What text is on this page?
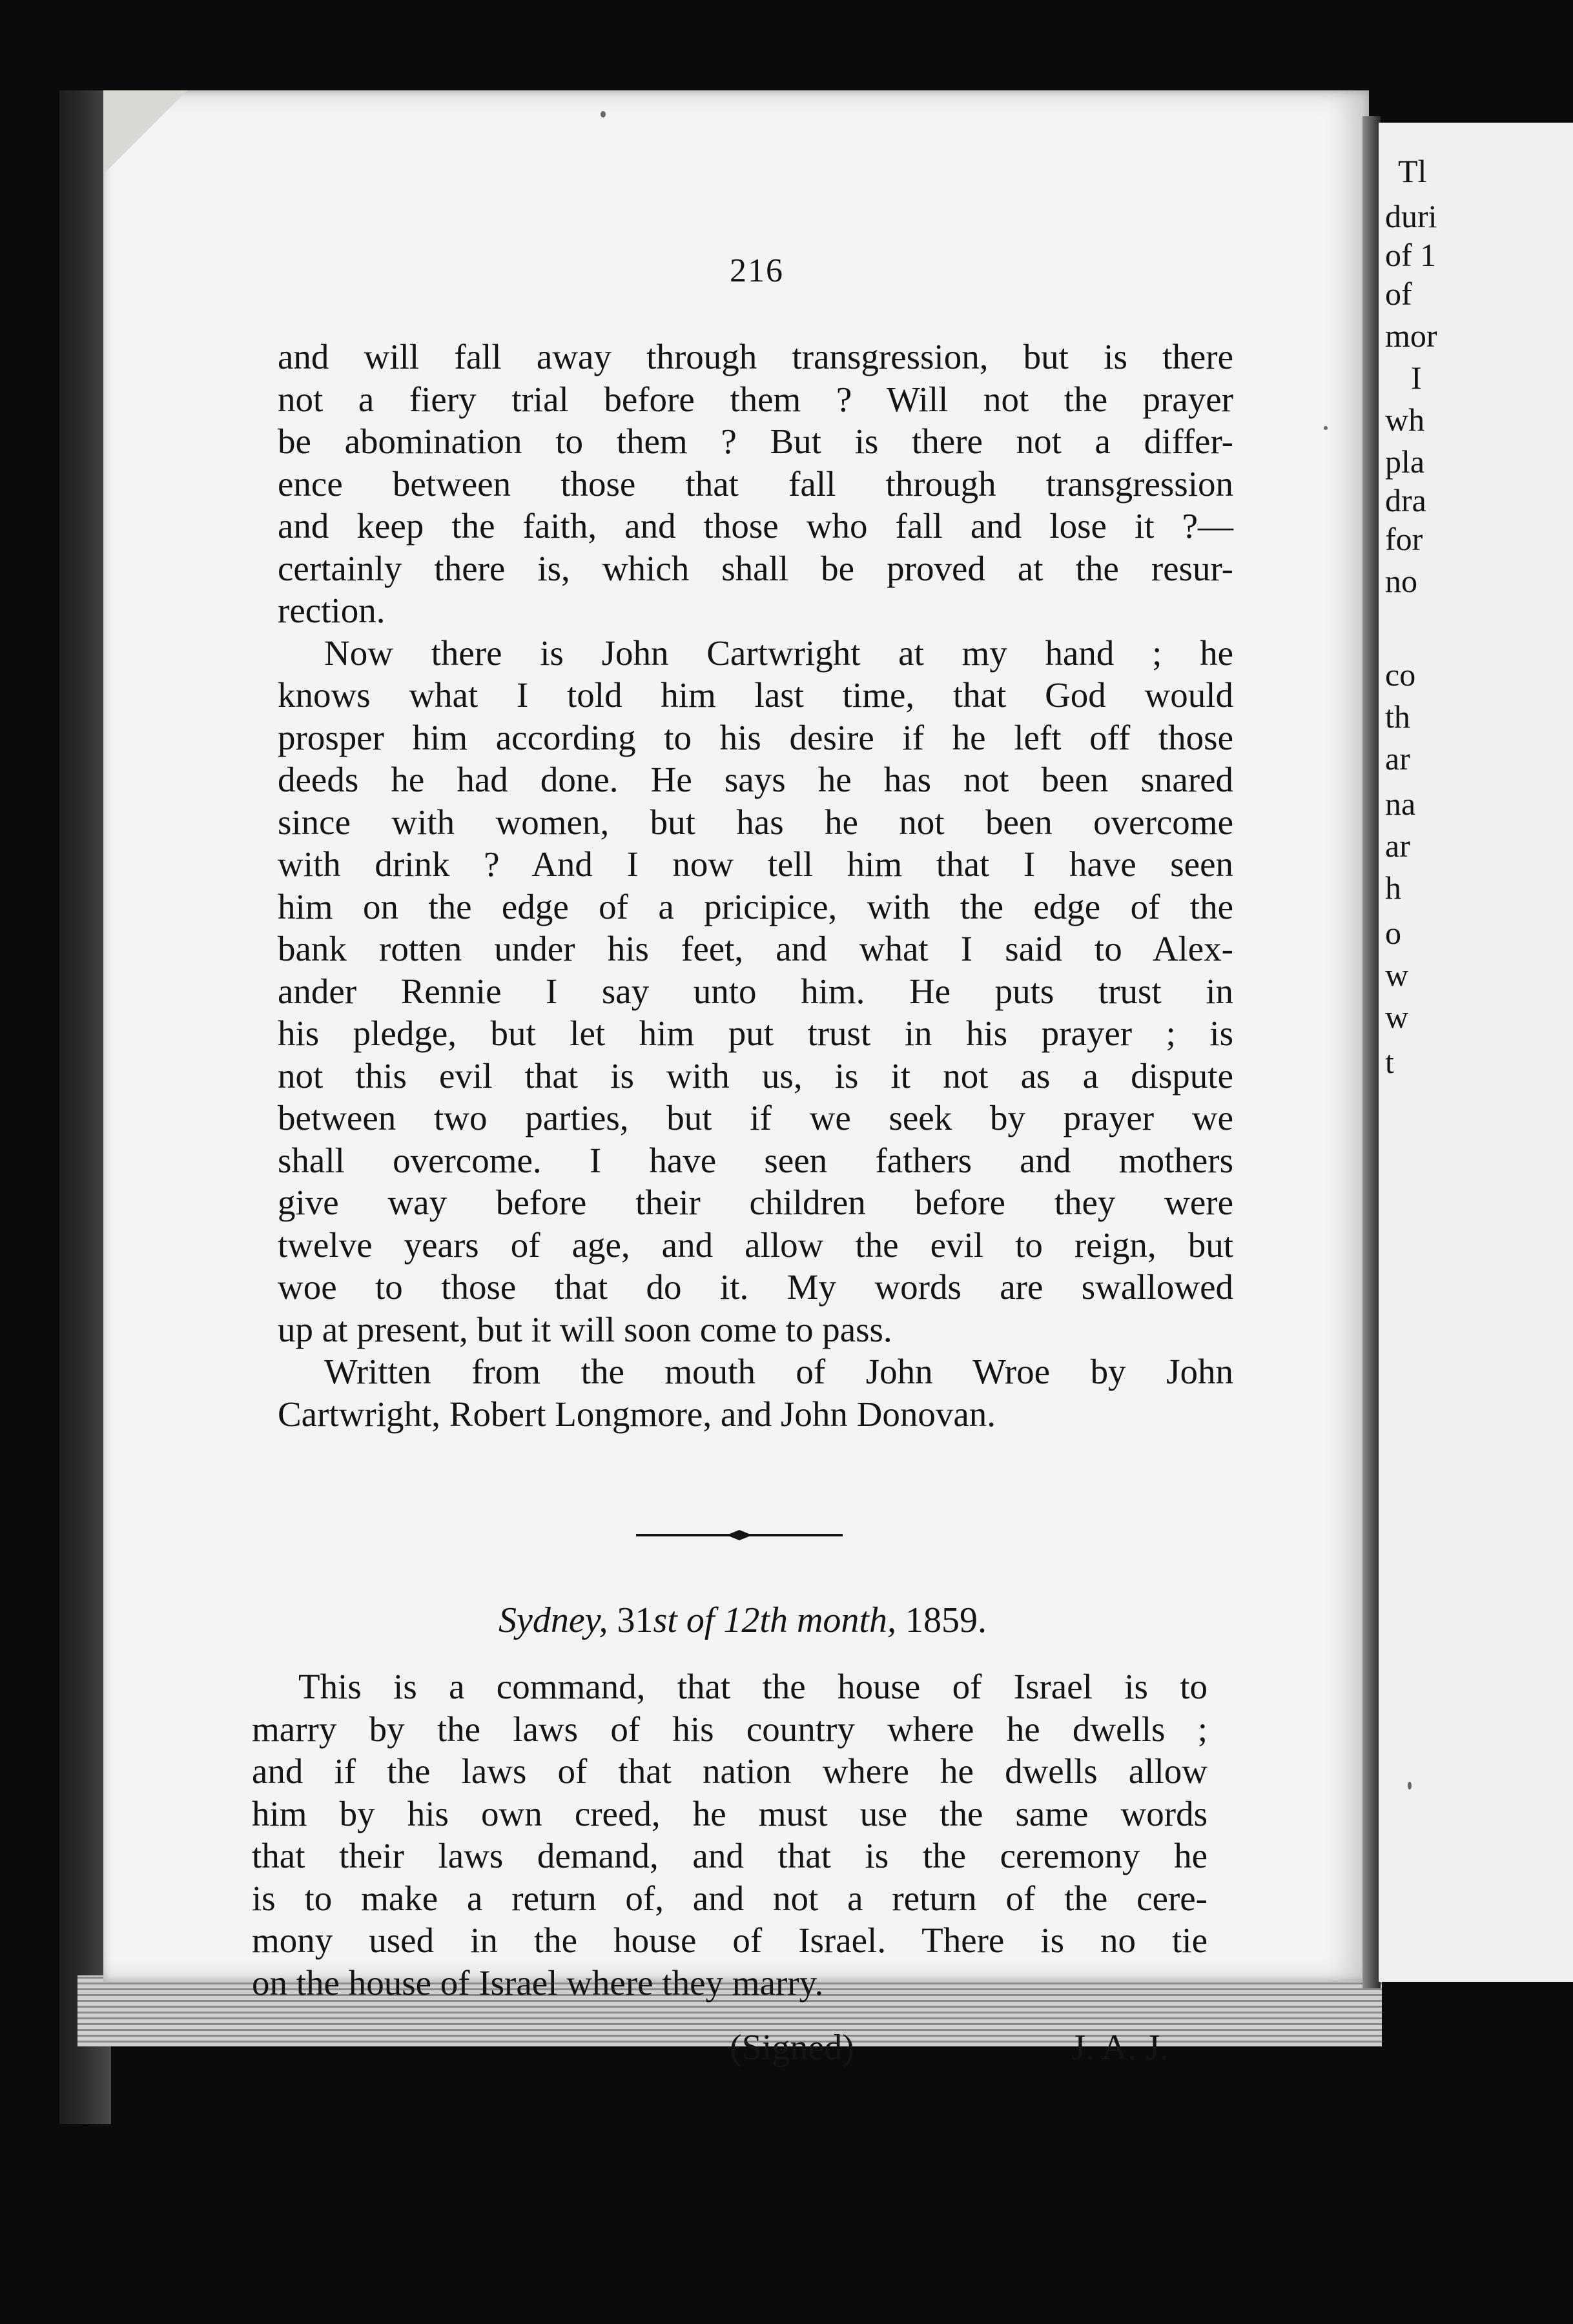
Tl
duri
of 1
of
mor
I
wh
pla
dra
for
no
co
th
ar
na
ar
h
o
w
w
t
216
and will fall away through transgression, but is there
not a fiery trial before them ? Will not the prayer
be abomination to them ? But is there not a differ-
ence between those that fall through transgression
and keep the faith, and those who fall and lose it ?—
certainly there is, which shall be proved at the resur-
rection.
Now there is John Cartwright at my hand ; he
knows what I told him last time, that God would
prosper him according to his desire if he left off those
deeds he had done. He says he has not been snared
since with women, but has he not been overcome
with drink ? And I now tell him that I have seen
him on the edge of a pricipice, with the edge of the
bank rotten under his feet, and what I said to Alex-
ander Rennie I say unto him. He puts trust in
his pledge, but let him put trust in his prayer ; is
not this evil that is with us, is it not as a dispute
between two parties, but if we seek by prayer we
shall overcome. I have seen fathers and mothers
give way before their children before they were
twelve years of age, and allow the evil to reign, but
woe to those that do it. My words are swallowed
up at present, but it will soon come to pass.
Written from the mouth of John Wroe by John
Cartwright, Robert Longmore, and John Donovan.
Sydney, 31st of 12th month, 1859.
This is a command, that the house of Israel is to
marry by the laws of his country where he dwells ;
and if the laws of that nation where he dwells allow
him by his own creed, he must use the same words
that their laws demand, and that is the ceremony he
is to make a return of, and not a return of the cere-
mony used in the house of Israel. There is no tie
on the house of Israel where they marry.
(Signed)	J. A. J.
